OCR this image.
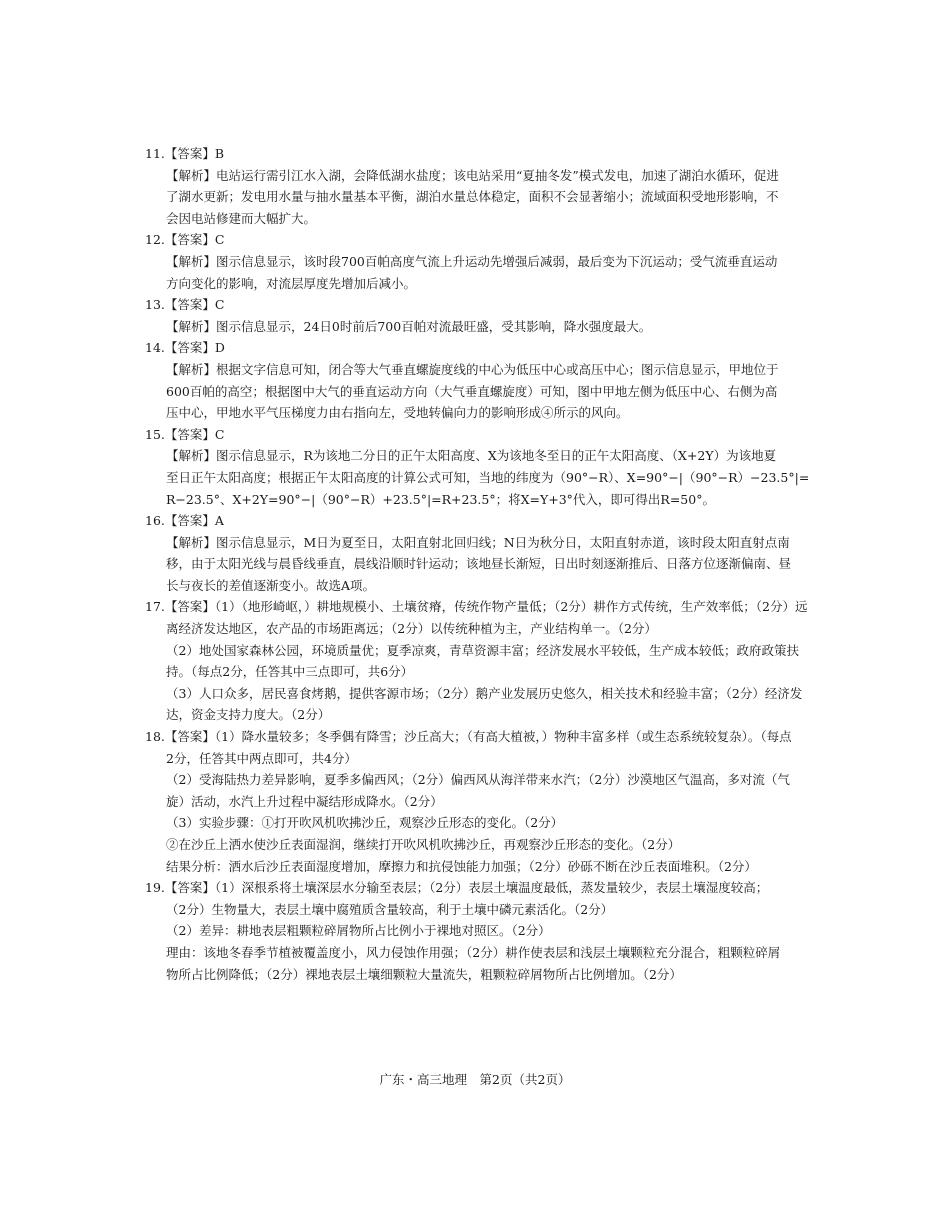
11.【答案】B

【解析】电站运行需引江水入湖，会降低湖水盐度；该电站采用“夏抽冬发”模式发电，加速了湖泊水循环，促进

了湖水更新；发电用水量与抽水量基本平衡，湖泊水量总体稳定，面积不会显著缩小；流域面积受地形影响，不

会因电站修建而大幅扩大。

12.【答案】C

【解析】图示信息显示，该时段700百帕高度气流上升运动先增强后减弱，最后变为下沉运动；受气流垂直运动

方向变化的影响，对流层厚度先增加后减小。

13.【答案】C

【解析】图示信息显示，24日0时前后700百帕对流最旺盛，受其影响，降水强度最大。

14.【答案】D

【解析】根据文字信息可知，闭合等大气垂直螺旋度线的中心为低压中心或高压中心；图示信息显示，甲地位于

600百帕的高空；根据图中大气的垂直运动方向（大气垂直螺旋度）可知，图中甲地左侧为低压中心、右侧为高

压中心，甲地水平气压梯度力由右指向左，受地转偏向力的影响形成④所示的风向。

15.【答案】C

【解析】图示信息显示，R为该地二分日的正午太阳高度、X为该地冬至日的正午太阳高度、（X+2Y）为该地夏

至日正午太阳高度；根据正午太阳高度的计算公式可知，当地的纬度为（90°−R）、X=90°−|（90°−R）−23.5°|=

R−23.5°、X+2Y=90°−|（90°−R）+23.5°|=R+23.5°；将X=Y+3°代入，即可得出R=50°。

16.【答案】A

【解析】图示信息显示，M日为夏至日，太阳直射北回归线；N日为秋分日，太阳直射赤道，该时段太阳直射点南

移，由于太阳光线与晨昏线垂直，晨线沿顺时针运动；该地昼长渐短，日出时刻逐渐推后、日落方位逐渐偏南、昼

长与夜长的差值逐渐变小。故选A项。

17.【答案】（1）（地形崎岖，）耕地规模小、土壤贫瘠，传统作物产量低；（2分）耕作方式传统，生产效率低；（2分）远

离经济发达地区，农产品的市场距离远；（2分）以传统种植为主，产业结构单一。（2分）

（2）地处国家森林公园，环境质量优；夏季凉爽，青草资源丰富；经济发展水平较低，生产成本较低；政府政策扶

持。（每点2分，任答其中三点即可，共6分）

（3）人口众多，居民喜食烤鹅，提供客源市场；（2分）鹅产业发展历史悠久，相关技术和经验丰富；（2分）经济发

达，资金支持力度大。（2分）

18.【答案】（1）降水量较多；冬季偶有降雪；沙丘高大；（有高大植被，）物种丰富多样（或生态系统较复杂）。（每点

2分，任答其中两点即可，共4分）

（2）受海陆热力差异影响，夏季多偏西风；（2分）偏西风从海洋带来水汽；（2分）沙漠地区气温高，多对流（气

旋）活动，水汽上升过程中凝结形成降水。（2分）

（3）实验步骤：①打开吹风机吹拂沙丘，观察沙丘形态的变化。（2分）

②在沙丘上洒水使沙丘表面湿润，继续打开吹风机吹拂沙丘，再观察沙丘形态的变化。（2分）

结果分析：洒水后沙丘表面湿度增加，摩擦力和抗侵蚀能力加强；（2分）砂砾不断在沙丘表面堆积。（2分）

19.【答案】（1）深根系将土壤深层水分输至表层；（2分）表层土壤温度最低，蒸发量较少，表层土壤湿度较高；

（2分）生物量大，表层土壤中腐殖质含量较高，利于土壤中磷元素活化。（2分）

（2）差异：耕地表层粗颗粒碎屑物所占比例小于裸地对照区。（2分）

理由：该地冬春季节植被覆盖度小，风力侵蚀作用强；（2分）耕作使表层和浅层土壤颗粒充分混合，粗颗粒碎屑

物所占比例降低；（2分）裸地表层土壤细颗粒大量流失，粗颗粒碎屑物所占比例增加。（2分）

广东・高三地理　第2页（共2页）
